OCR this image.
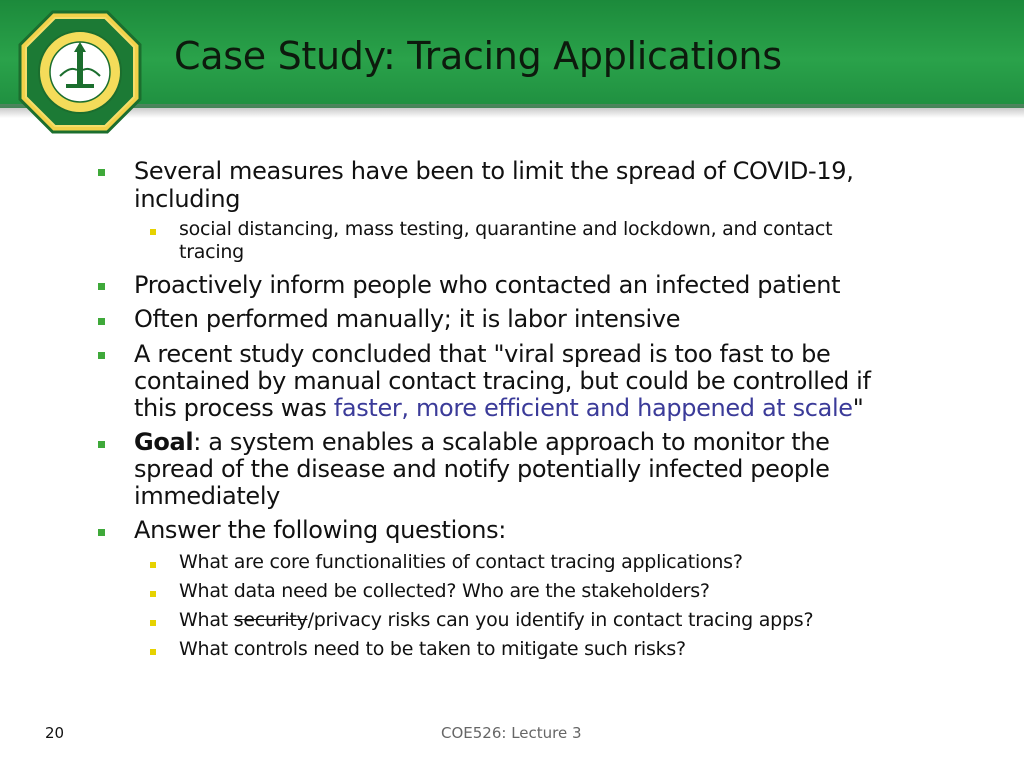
Case Study: Tracing Applications
Several measures have been to limit the spread of COVID-19,
including
social distancing, mass testing, quarantine and lockdown, and contact
tracing
Proactively inform people who contacted an infected patient
Often performed manually; it is labor intensive
A recent study concluded that "viral spread is too fast to be
contained by manual contact tracing, but could be controlled if
this process was faster, more efficient and happened at scale"
Goal: a system enables a scalable approach to monitor the
spread of the disease and notify potentially infected people
immediately
Answer the following questions:
What are core functionalities of contact tracing applications?
What data need be collected? Who are the stakeholders?
What security/privacy risks can you identify in contact tracing apps?
What controls need to be taken to mitigate such risks?
20	COE526: Lecture 3
